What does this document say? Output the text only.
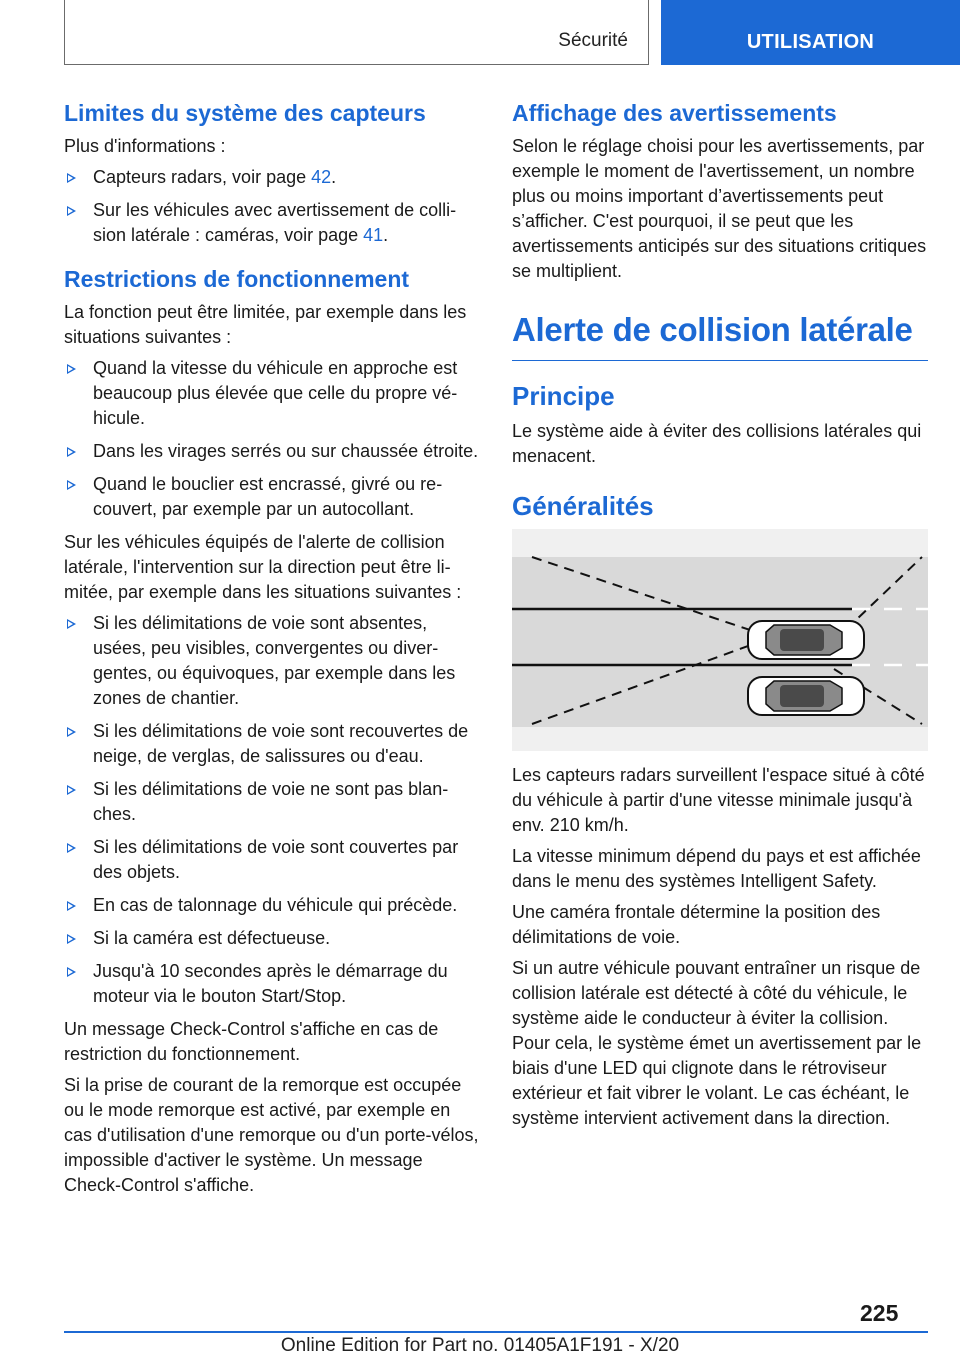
Sécurité	UTILISATION
Limites du système des capteurs
Plus d'informations :
Capteurs radars, voir page 42.
Sur les véhicules avec avertissement de collision latérale : caméras, voir page 41.
Restrictions de fonctionnement
La fonction peut être limitée, par exemple dans les situations suivantes :
Quand la vitesse du véhicule en approche est beaucoup plus élevée que celle du propre véhicule.
Dans les virages serrés ou sur chaussée étroite.
Quand le bouclier est encrassé, givré ou recouvert, par exemple par un autocollant.
Sur les véhicules équipés de l'alerte de collision latérale, l'intervention sur la direction peut être limitée, par exemple dans les situations suivantes :
Si les délimitations de voie sont absentes, usées, peu visibles, convergentes ou divergentes, ou équivoques, par exemple dans les zones de chantier.
Si les délimitations de voie sont recouvertes de neige, de verglas, de salissures ou d'eau.
Si les délimitations de voie ne sont pas blanches.
Si les délimitations de voie sont couvertes par des objets.
En cas de talonnage du véhicule qui précède.
Si la caméra est défectueuse.
Jusqu'à 10 secondes après le démarrage du moteur via le bouton Start/Stop.
Un message Check-Control s'affiche en cas de restriction du fonctionnement.
Si la prise de courant de la remorque est occupée ou le mode remorque est activé, par exemple en cas d'utilisation d'une remorque ou d'un porte-vélos, impossible d'activer le système. Un message Check-Control s'affiche.
Affichage des avertissements
Selon le réglage choisi pour les avertissements, par exemple le moment de l'avertissement, un nombre plus ou moins important d’avertissements peut s’afficher. C'est pourquoi, il se peut que les avertissements anticipés sur des situations critiques se multiplient.
Alerte de collision latérale
Principe
Le système aide à éviter des collisions latérales qui menacent.
Généralités
Les capteurs radars surveillent l'espace situé à côté du véhicule à partir d'une vitesse minimale jusqu'à env. 210 km/h.
La vitesse minimum dépend du pays et est affichée dans le menu des systèmes Intelligent Safety.
Une caméra frontale détermine la position des délimitations de voie.
Si un autre véhicule pouvant entraîner un risque de collision latérale est détecté à côté du véhicule, le système aide le conducteur à éviter la collision. Pour cela, le système émet un avertissement par le biais d'une LED qui clignote dans le rétroviseur extérieur et fait vibrer le volant. Le cas échéant, le système intervient activement dans la direction.
225
Online Edition for Part no. 01405A1F191 - X/20
